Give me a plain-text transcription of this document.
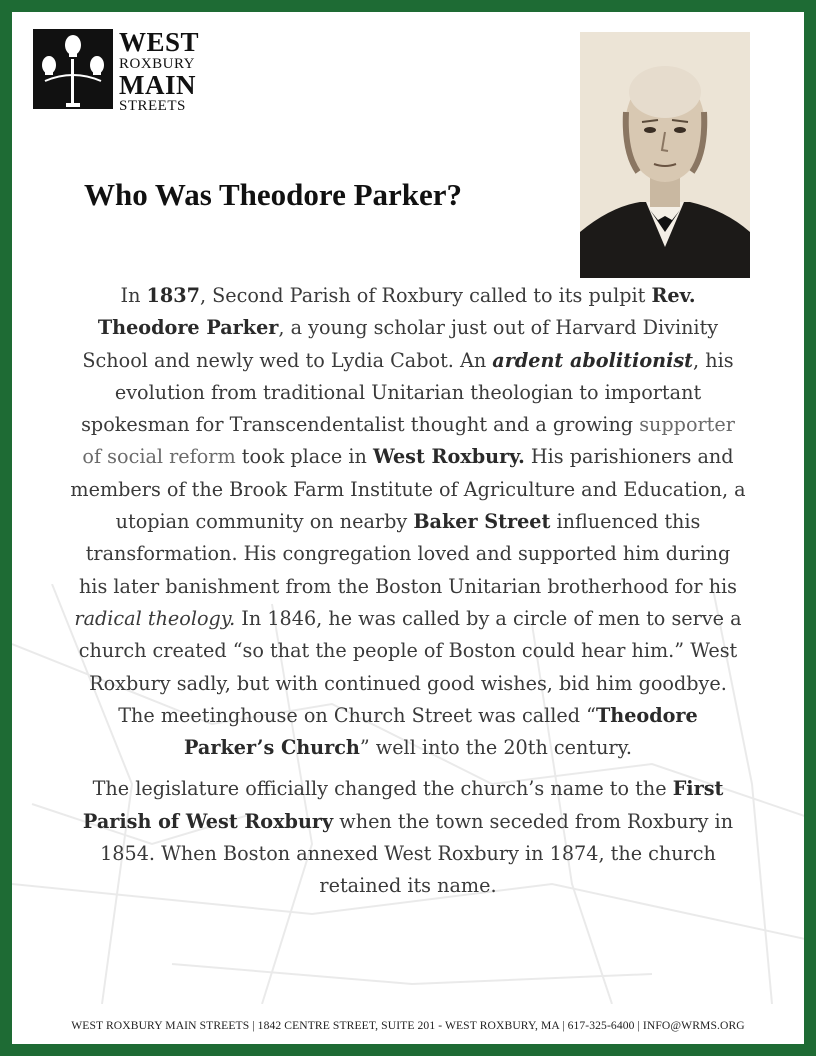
WEST
ROXBURY
MAIN
STREETS
Who Was Theodore Parker?

In 1837, Second Parish of Roxbury called to its pulpit Rev. Theodore Parker, a young scholar just out of Harvard Divinity School and newly wed to Lydia Cabot. An ardent abolitionist, his evolution from traditional Unitarian theologian to important spokesman for Transcendentalist thought and a growing supporter of social reform took place in West Roxbury. His parishioners and members of the Brook Farm Institute of Agriculture and Education, a utopian community on nearby Baker Street influenced this transformation. His congregation loved and supported him during his later banishment from the Boston Unitarian brotherhood for his radical theology. In 1846, he was called by a circle of men to serve a church created “so that the people of Boston could hear him.” West Roxbury sadly, but with continued good wishes, bid him goodbye. The meetinghouse on Church Street was called “Theodore Parker’s Church” well into the 20th century.

The legislature officially changed the church’s name to the First Parish of West Roxbury when the town seceded from Roxbury in 1854. When Boston annexed West Roxbury in 1874, the church retained its name.

WEST ROXBURY MAIN STREETS | 1842 CENTRE STREET, SUITE 201 - WEST ROXBURY, MA | 617-325-6400 | INFO@WRMS.ORG
